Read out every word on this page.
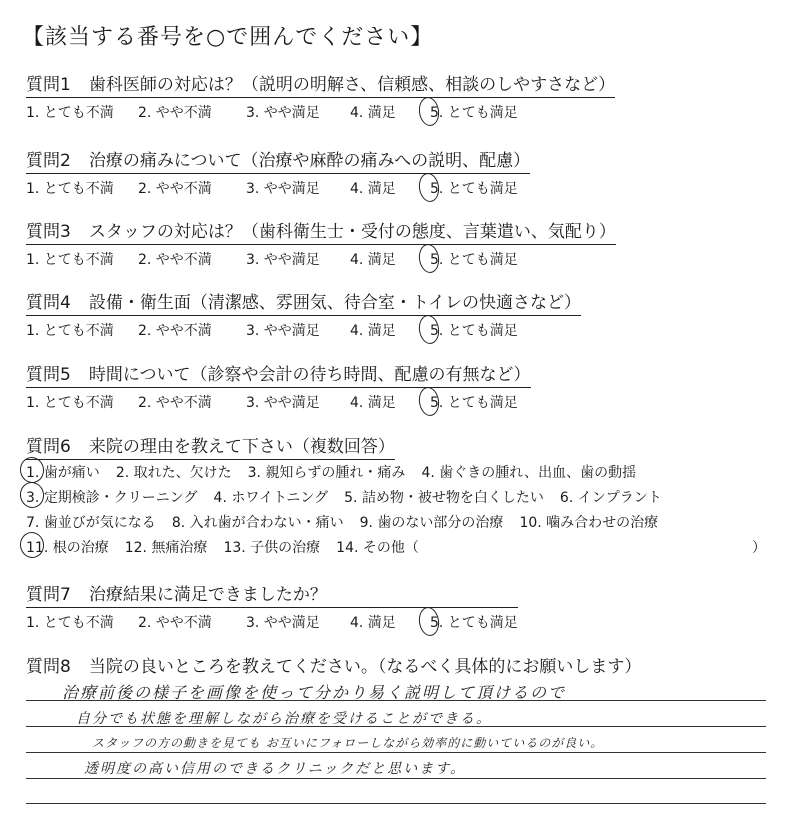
【該当する番号を○で囲んでください】
質問1 歯科医師の対応は？（説明の明解さ、信頼感、相談のしやすさなど）
1. とても不満	2. やや不満	3. やや満足	4. 満足	5. とても満足
質問2 治療の痛みについて（治療や麻酔の痛みへの説明、配慮）
1. とても不満	2. やや不満	3. やや満足	4. 満足	5. とても満足
質問3 スタッフの対応は？（歯科衛生士・受付の態度、言葉遣い、気配り）
1. とても不満	2. やや不満	3. やや満足	4. 満足	5. とても満足
質問4 設備・衛生面（清潔感、雰囲気、待合室・トイレの快適さなど）
1. とても不満	2. やや不満	3. やや満足	4. 満足	5. とても満足
質問5 時間について（診察や会計の待ち時間、配慮の有無など）
1. とても不満	2. やや不満	3. やや満足	4. 満足	5. とても満足
質問6 来院の理由を教えて下さい（複数回答）
1. 歯が痛い 2. 取れた、欠けた 3. 親知らずの腫れ・痛み 4. 歯ぐきの腫れ、出血、歯の動揺
3. 定期検診・クリーニング 4. ホワイトニング 5. 詰め物・被せ物を白くしたい 6. インプラント
7. 歯並びが気になる 8. 入れ歯が合わない・痛い 9. 歯のない部分の治療 10. 噛み合わせの治療
11. 根の治療 12. 無痛治療 13. 子供の治療 14. その他（	）
質問7 治療結果に満足できましたか？
1. とても不満	2. やや不満	3. やや満足	4. 満足	5. とても満足
質問8 当院の良いところを教えてください。（なるべく具体的にお願いします）
治療前後の様子を画像を使って分かり易く説明して頂けるので
自分でも状態を理解しながら治療を受けることができる。
スタッフの方の動きを見ても お互いにフォローしながら効率的に動いているのが良い。
透明度の高い信用のできるクリニックだと思います。
